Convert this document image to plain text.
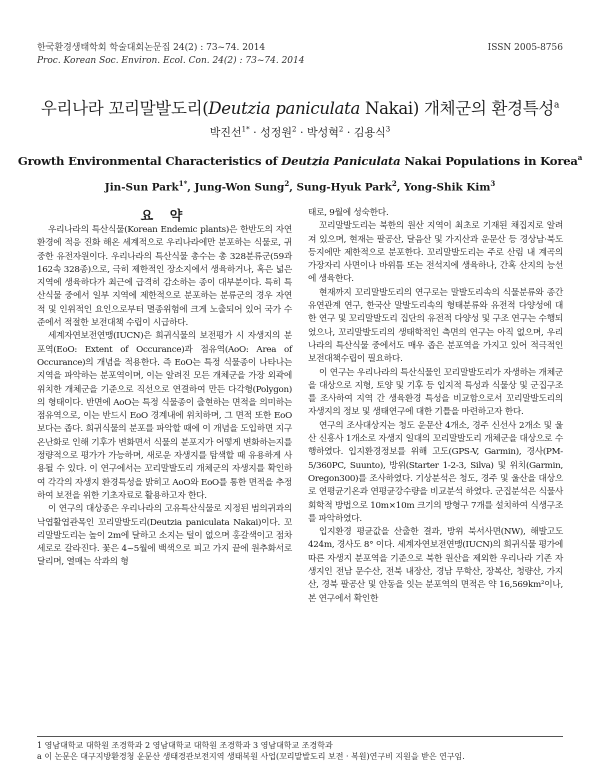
한국환경생태학회 학술대회논문집 24(2) : 73~74. 2014	ISSN 2005-8756
Proc. Korean Soc. Environ. Ecol. Con. 24(2) : 73~74. 2014
우리나라 꼬리말발도리(Deutzia paniculata Nakai) 개체군의 환경특성$^a$
박진선$^{1*}$ · 성정원$^2$ · 박성혁$^2$ · 김용식$^3$
Growth Environmental Characteristics of Deutzia Paniculata Nakai Populations in Korea$^a$
Jin-Sun Park$^{1*}$, Jung-Won Sung$^2$, Sung-Hyuk Park$^2$, Yong-Shik Kim$^3$
요 약

우리나라의 특산식물(Korean Endemic plants)은 한반도의 자연환경에 적응 진화 해온 세계적으로 우리나라에만 분포하는 식물로, 귀중한 유전자원이다. 우리나라의 특산식물 총수는 총 328분류군(59과 162속 328종)으로, 극히 제한적인 장소지에서 생육하거나, 혹은 넓은 지역에 생육하다가 최근에 급격히 감소하는 종이 대부분이다. 특히 특산식물 중에서 일부 지역에 제한적으로 분포하는 분류군의 경우 자연적 및 인위적인 요인으로부터 멸종위험에 크게 노출되어 있어 국가 수준에서 적절한 보전대책 수립이 시급하다.

세계자연보전연맹(IUCN)은 희귀식물의 보전평가 시 자생지의 분포역(EoO: Extent of Occurance)과 점유역(AoO: Area of Occurance)의 개념을 적용한다. 즉 EoO는 특정 식물종이 나타나는 지역을 파악하는 분포역이며, 이는 알려진 모든 개체군을 가장 외곽에 위치한 개체군을 기준으로 직선으로 연결하여 만든 다각형(Polygon)의 형태이다. 반면에 AoO는 특정 식물종이 출현하는 면적을 의미하는 점유역으로, 이는 반드시 EoO 경계내에 위치하며, 그 면적 또한 EoO 보다는 좁다. 희귀식물의 분포를 파악할 때에 이 개념을 도입하면 지구온난화로 인해 기후가 변화면서 식물의 분포지가 어떻게 변화하는지를 정량적으로 평가가 가능하며, 새로운 자생지를 탐색할 때 유용하게 사용될 수 있다. 이 연구에서는 꼬리말발도리 개체군의 자생지를 확인하여 각각의 자생지 환경특성을 밝히고 AoO와 EoO를 통한 면적을 추정하여 보전을 위한 기초자료로 활용하고자 한다.

이 연구의 대상종은 우리나라의 고유특산식물로 지정된 범의귀과의 낙엽활엽관목인 꼬리말발도리(Deutzia paniculata Nakai)이다. 꼬리말발도리는 높이 2m에 달하고 소지는 털이 없으며 홍갈색이고 점차 세로로 갈라진다. 꽃은 4~5월에 백색으로 피고 가지 끝에 원추화서로 달리며, 열매는 삭과의 형

태로, 9월에 성숙한다.

꼬리말발도리는 북한의 원산 지역이 최초로 기재된 채집지로 알려져 있으며, 현재는 팔공산, 달음산 및 가지산과 운문산 등 경상남·북도 등지에만 제한적으로 분포한다. 꼬리말발도리는 주로 산림 내 계곡의 가장자리 사면이나 바위틈 또는 전석지에 생육하나, 간혹 산지의 능선에 생육한다.

현재까지 꼬리말발도리의 연구로는 말발도리속의 식물분류와 종간유연관계 연구, 한국산 말발도리속의 형태분류와 유전적 다양성에 대한 연구 및 꼬리말발도리 집단의 유전적 다양성 및 구조 연구는 수행되었으나, 꼬리말발도리의 생태학적인 측면의 연구는 아직 없으며, 우리나라의 특산식물 중에서도 매우 좁은 분포역을 가지고 있어 적극적인 보전대책수립이 필요하다.

이 연구는 우리나라의 특산식물인 꼬리말발도리가 자생하는 개체군을 대상으로 지형, 토양 및 기후 등 입지적 특성과 식물상 및 군집구조를 조사하여 지역 간 생육환경 특성을 비교함으로서 꼬리말발도리의 자생지의 정보 및 생태연구에 대한 기틀을 마련하고자 한다.

연구의 조사대상지는 청도 운문산 4개소, 경주 신선사 2개소 및 울산 신흥사 1개소로 자생지 일대의 꼬리말발도리 개체군을 대상으로 수행하였다. 입지환경정보를 위해 고도(GPS-V, Garmin), 경사(PM-5/360PC, Suunto), 방위(Starter 1-2-3, Silva) 및 위치(Garmin, Oregon300)를 조사하였다. 기상분석은 청도, 경주 및 울산을 대상으로 연평균기온과 연평균강수량을 비교분석 하였다. 군집분석은 식물사회학적 방법으로 10m×10m 크기의 방형구 7개를 설치하여 식생구조를 파악하였다.

입지환경 평균값을 산출한 결과, 방위 북서사면(NW), 해발고도 424m, 경사도 8° 이다. 세계자연보전연맹(IUCN)의 희귀식물 평가에 따른 자생지 분포역을 기준으로 북한 원산을 제외한 우리나라 기존 자생지인 전남 문수산, 전북 내장산, 경남 무학산, 장복산, 청량산, 가지산, 경북 팔공산 및 안동을 잇는 분포역의 면적은 약 16,569km²이나, 본 연구에서 확인한

1 영남대학교 대학원 조경학과 2 영남대학교 대학원 조경학과 3 영남대학교 조경학과
a 이 논문은 대구지방환경청 운문산 생태경관보전지역 생태복원 사업(꼬리말발도리 보전 · 복원)연구비 지원을 받은 연구임.
